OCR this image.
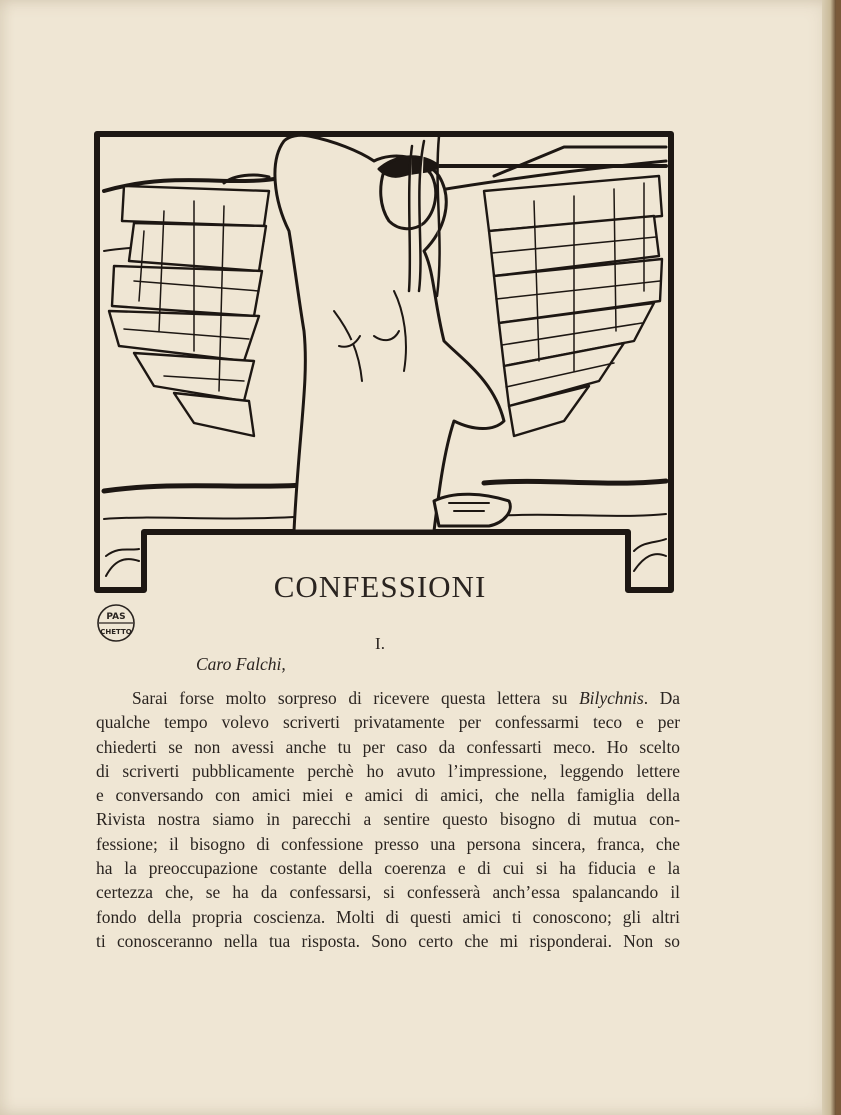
CONFESSIONI
PAS
CHETTO
I.
Caro Falchi,
Sarai forse molto sorpreso di ricevere questa lettera su Bilychnis. Da
qualche tempo volevo scriverti privatamente per confessarmi teco e per
chiederti se non avessi anche tu per caso da confessarti meco. Ho scelto
di scriverti pubblicamente perchè ho avuto l’impressione, leggendo lettere
e conversando con amici miei e amici di amici, che nella famiglia della
Rivista nostra siamo in parecchi a sentire questo bisogno di mutua con-
fessione; il bisogno di confessione presso una persona sincera, franca, che
ha la preoccupazione costante della coerenza e di cui si ha fiducia e la
certezza che, se ha da confessarsi, si confesserà anch’essa spalancando il
fondo della propria coscienza. Molti di questi amici ti conoscono; gli altri
ti conosceranno nella tua risposta. Sono certo che mi risponderai. Non so
